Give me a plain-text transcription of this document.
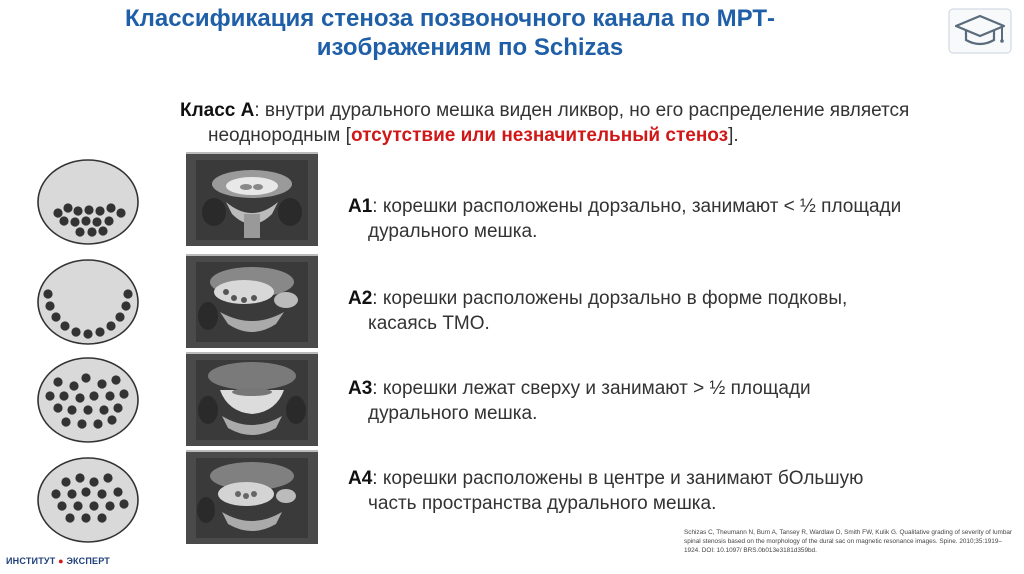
Классификация стеноза позвоночного канала по МРТ-
изображениям по Schizas
Класс А: внутри дурального мешка виден ликвор, но его распределение является
неоднородным [отсутствие или незначительный стеноз].
А1: корешки расположены дорзально, занимают < ½ площади
дурального мешка.
А2: корешки расположены дорзально в форме подковы,
касаясь ТМО.
А3: корешки лежат сверху и занимают > ½ площади
дурального мешка.
А4: корешки расположены в центре и занимают бОльшую
часть пространства дурального мешка.
Schizas C, Theumann N, Burn A, Tansey R, Wardlaw D, Smith FW, Kulik G. Qualitative grading of severity of lumbar spinal stenosis based on the morphology of the dural sac on magnetic resonance images. Spine. 2010;35:1919–1924. DOI: 10.1097/ BRS.0b013e3181d359bd.
ИНСТИТУТ ● ЭКСПЕРТ
